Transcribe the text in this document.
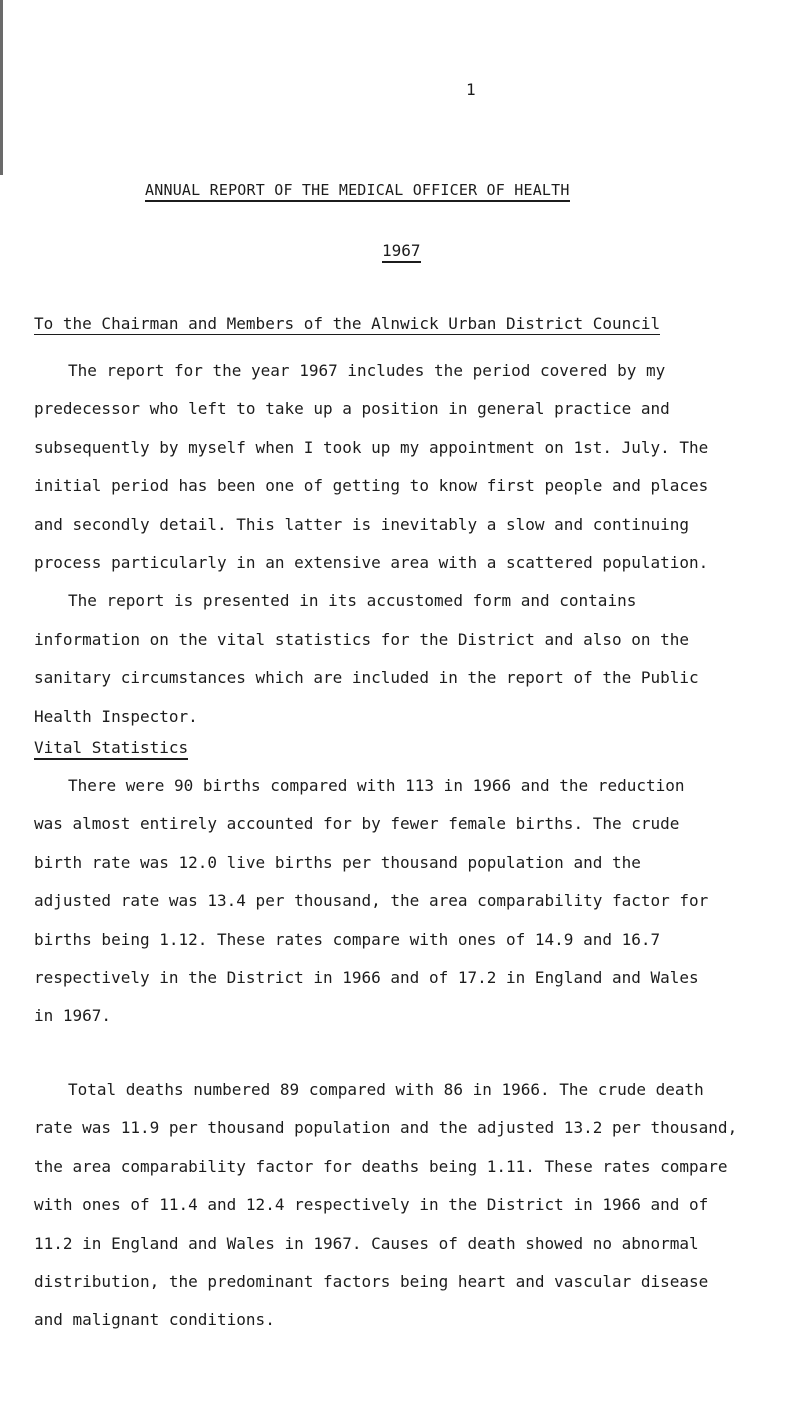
1
ANNUAL REPORT OF THE MEDICAL OFFICER OF HEALTH
1967
To the Chairman and Members of the Alnwick Urban District Council

The report for the year 1967 includes the period covered by my
predecessor who left to take up a position in general practice and
subsequently by myself when I took up my appointment on 1st. July. The
initial period has been one of getting to know first people and places
and secondly detail. This latter is inevitably a slow and continuing
process particularly in an extensive area with a scattered population.
The report is presented in its accustomed form and contains
information on the vital statistics for the District and also on the
sanitary circumstances which are included in the report of the Public
Health Inspector.

Vital Statistics

There were 90 births compared with 113 in 1966 and the reduction
was almost entirely accounted for by fewer female births. The crude
birth rate was 12.0 live births per thousand population and the
adjusted rate was 13.4 per thousand, the area comparability factor for
births being 1.12. These rates compare with ones of 14.9 and 16.7
respectively in the District in 1966 and of 17.2 in England and Wales
in 1967.

Total deaths numbered 89 compared with 86 in 1966. The crude death
rate was 11.9 per thousand population and the adjusted 13.2 per thousand,
the area comparability factor for deaths being 1.11. These rates compare
with ones of 11.4 and 12.4 respectively in the District in 1966 and of
11.2 in England and Wales in 1967. Causes of death showed no abnormal
distribution, the predominant factors being heart and vascular disease
and malignant conditions.
